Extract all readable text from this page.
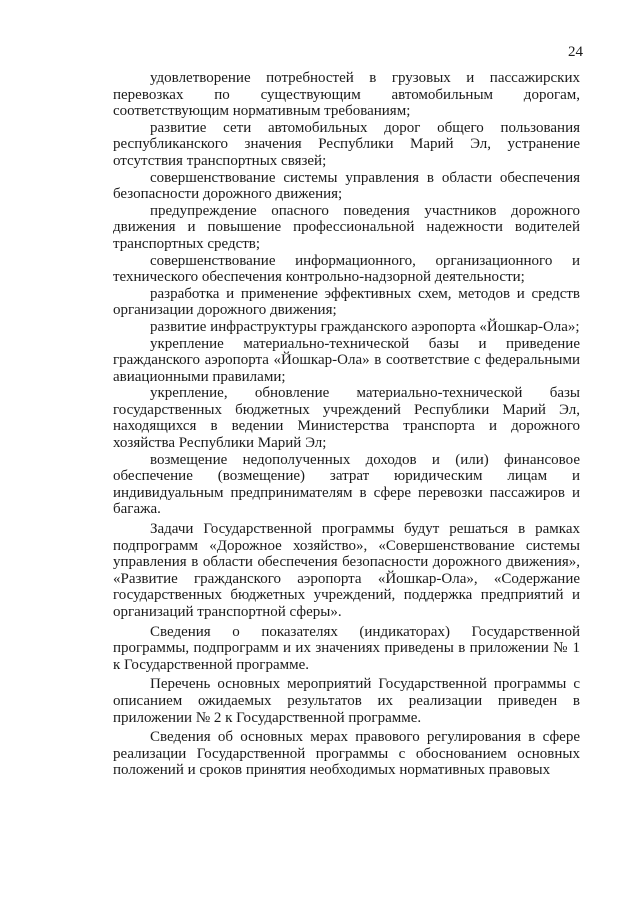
24

удовлетворение потребностей в грузовых и пассажирских перевозках по существующим автомобильным дорогам, соответствующим нормативным требованиям;

развитие сети автомобильных дорог общего пользования республиканского значения Республики Марий Эл, устранение отсутствия транспортных связей;

совершенствование системы управления в области обеспечения безопасности дорожного движения;

предупреждение опасного поведения участников дорожного движения и повышение профессиональной надежности водителей транспортных средств;

совершенствование информационного, организационного и технического обеспечения контрольно-надзорной деятельности;

разработка и применение эффективных схем, методов и средств организации дорожного движения;

развитие инфраструктуры гражданского аэропорта «Йошкар-Ола»;

укрепление материально-технической базы и приведение гражданского аэропорта «Йошкар-Ола» в соответствие с федеральными авиационными правилами;

укрепление, обновление материально-технической базы государственных бюджетных учреждений Республики Марий Эл, находящихся в ведении Министерства транспорта и дорожного хозяйства Республики Марий Эл;

возмещение недополученных доходов и (или) финансовое обеспечение (возмещение) затрат юридическим лицам и индивидуальным предпринимателям в сфере перевозки пассажиров и багажа.

Задачи Государственной программы будут решаться в рамках подпрограмм «Дорожное хозяйство», «Совершенствование системы управления в области обеспечения безопасности дорожного движения», «Развитие гражданского аэропорта «Йошкар-Ола», «Содержание государственных бюджетных учреждений, поддержка предприятий и организаций транспортной сферы».

Сведения о показателях (индикаторах) Государственной программы, подпрограмм и их значениях приведены в приложении № 1 к Государственной программе.

Перечень основных мероприятий Государственной программы с описанием ожидаемых результатов их реализации приведен в приложении № 2 к Государственной программе.

Сведения об основных мерах правового регулирования в сфере реализации Государственной программы с обоснованием основных положений и сроков принятия необходимых нормативных правовых
